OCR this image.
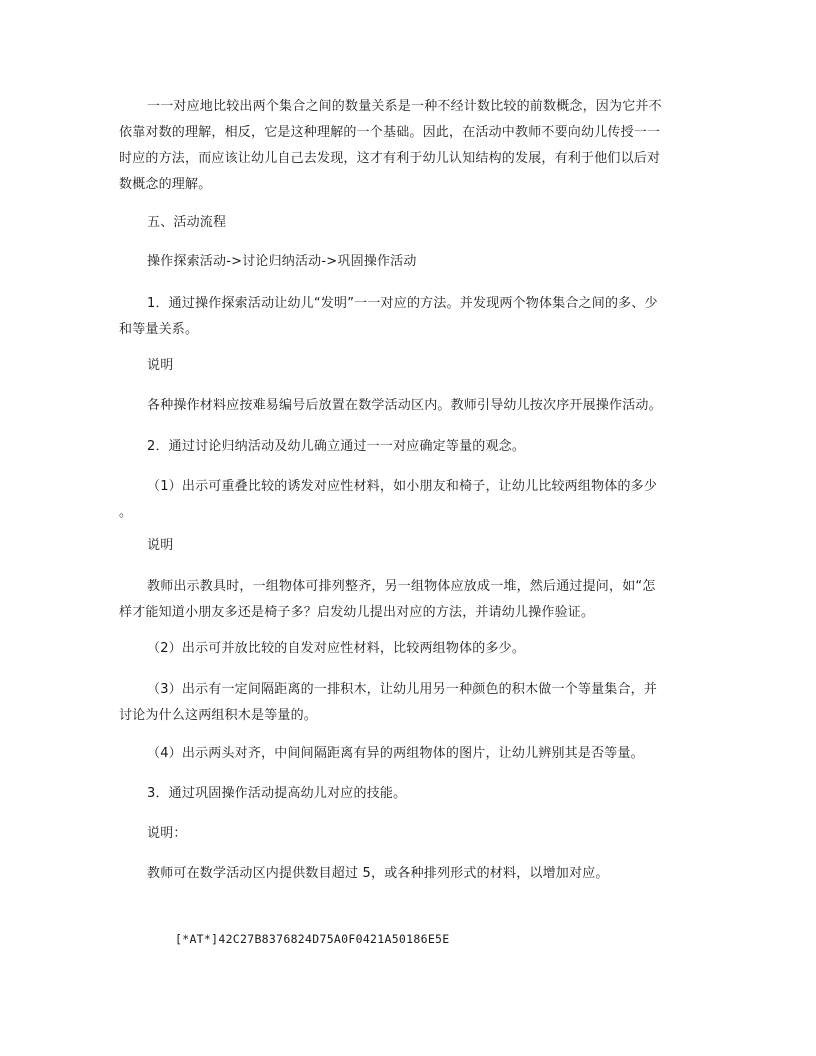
一一对应地比较出两个集合之间的数量关系是一种不经计数比较的前数概念，因为它并不
依靠对数的理解，相反，它是这种理解的一个基础。因此，在活动中教师不要向幼儿传授一一
时应的方法，而应该让幼儿自己去发现，这才有利于幼儿认知结构的发展，有利于他们以后对
数概念的理解。
五、活动流程
操作探索活动->讨论归纳活动->巩固操作活动
1．通过操作探索活动让幼儿“发明”一一对应的方法。并发现两个物体集合之间的多、少
和等量关系。
说明
各种操作材料应按难易编号后放置在数学活动区内。教师引导幼儿按次序开展操作活动。
2．通过讨论归纳活动及幼儿确立通过一一对应确定等量的观念。
（1）出示可重叠比较的诱发对应性材料，如小朋友和椅子，让幼儿比较两组物体的多少
。
说明
教师出示教具时，一组物体可排列整齐，另一组物体应放成一堆，然后通过提问，如“怎
样才能知道小朋友多还是椅子多？启发幼儿提出对应的方法，并请幼儿操作验证。
（2）出示可并放比较的自发对应性材料，比较两组物体的多少。
（3）出示有一定间隔距离的一排积木，让幼儿用另一种颜色的积木做一个等量集合，并
讨论为什么这两组积木是等量的。
（4）出示两头对齐，中间间隔距离有异的两组物体的图片，让幼儿辨别其是否等量。
3．通过巩固操作活动提高幼儿对应的技能。
说明：
教师可在数学活动区内提供数目超过 5，或各种排列形式的材料，以增加对应。
[*AT*]42C27B8376824D75A0F0421A50186E5E
